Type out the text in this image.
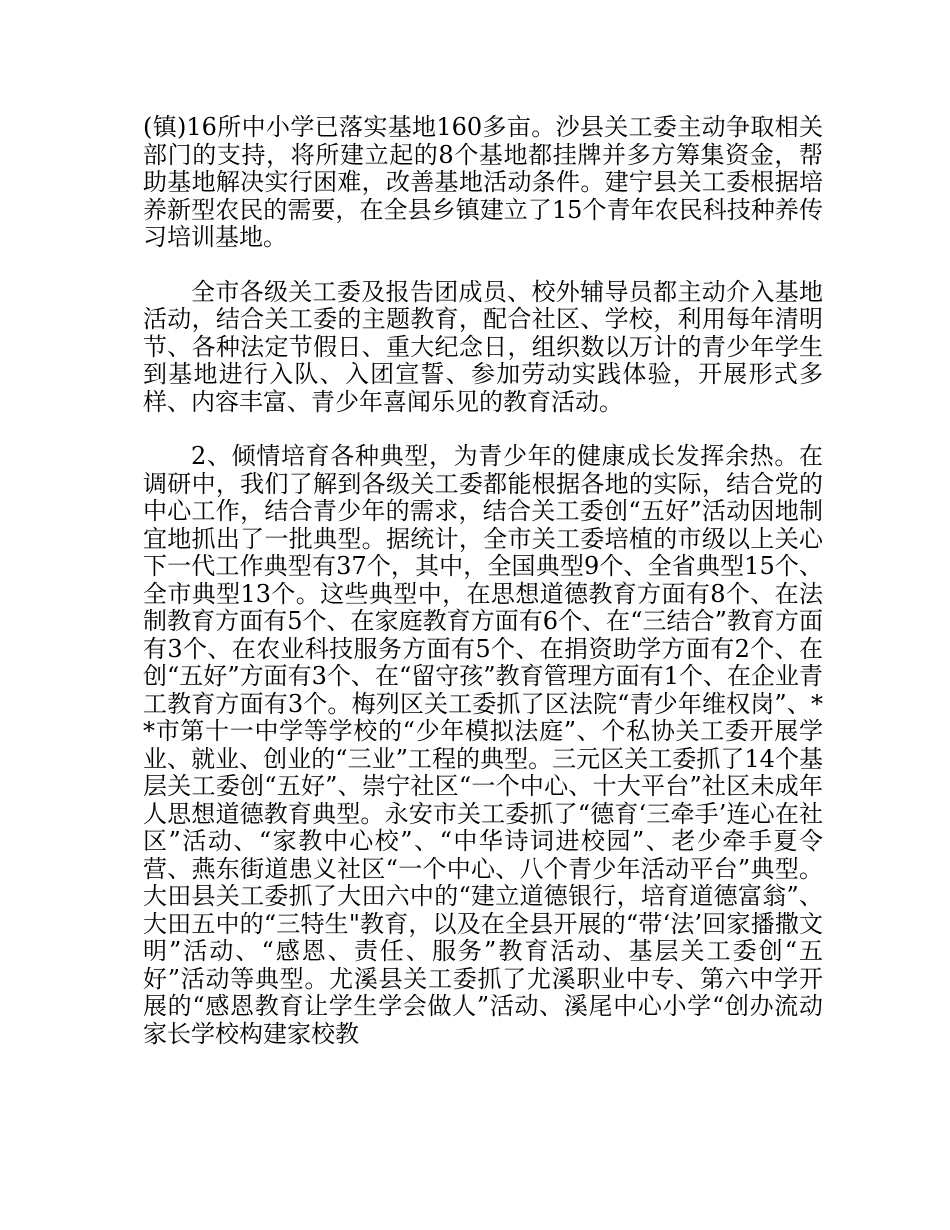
(镇)16所中小学已落实基地160多亩。沙县关工委主动争取相关部门的支持，将所建立起的8个基地都挂牌并多方筹集资金，帮助基地解决实行困难，改善基地活动条件。建宁县关工委根据培养新型农民的需要，在全县乡镇建立了15个青年农民科技种养传习培训基地。

全市各级关工委及报告团成员、校外辅导员都主动介入基地活动，结合关工委的主题教育，配合社区、学校，利用每年清明节、各种法定节假日、重大纪念日，组织数以万计的青少年学生到基地进行入队、入团宣誓、参加劳动实践体验，开展形式多样、内容丰富、青少年喜闻乐见的教育活动。

2、倾情培育各种典型，为青少年的健康成长发挥余热。在调研中，我们了解到各级关工委都能根据各地的实际，结合党的中心工作，结合青少年的需求，结合关工委创“五好”活动因地制宜地抓出了一批典型。据统计，全市关工委培植的市级以上关心下一代工作典型有37个，其中，全国典型9个、全省典型15个、全市典型13个。这些典型中，在思想道德教育方面有8个、在法制教育方面有5个、在家庭教育方面有6个、在“三结合”教育方面有3个、在农业科技服务方面有5个、在捐资助学方面有2个、在创“五好”方面有3个、在“留守孩”教育管理方面有1个、在企业青工教育方面有3个。梅列区关工委抓了区法院“青少年维权岗”、**市第十一中学等学校的“少年模拟法庭”、个私协关工委开展学业、就业、创业的“三业”工程的典型。三元区关工委抓了14个基层关工委创“五好”、崇宁社区“一个中心、十大平台”社区未成年人思想道德教育典型。永安市关工委抓了“德育‘三牵手’连心在社区”活动、“家教中心校”、“中华诗词进校园”、老少牵手夏令营、燕东街道患义社区“一个中心、八个青少年活动平台”典型。大田县关工委抓了大田六中的“建立道德银行，培育道德富翁”、大田五中的“三特生"教育，以及在全县开展的“带‘法’回家播撒文明”活动、“感恩、责任、服务”教育活动、基层关工委创“五好”活动等典型。尤溪县关工委抓了尤溪职业中专、第六中学开展的“感恩教育让学生学会做人”活动、溪尾中心小学“创办流动家长学校构建家校教
